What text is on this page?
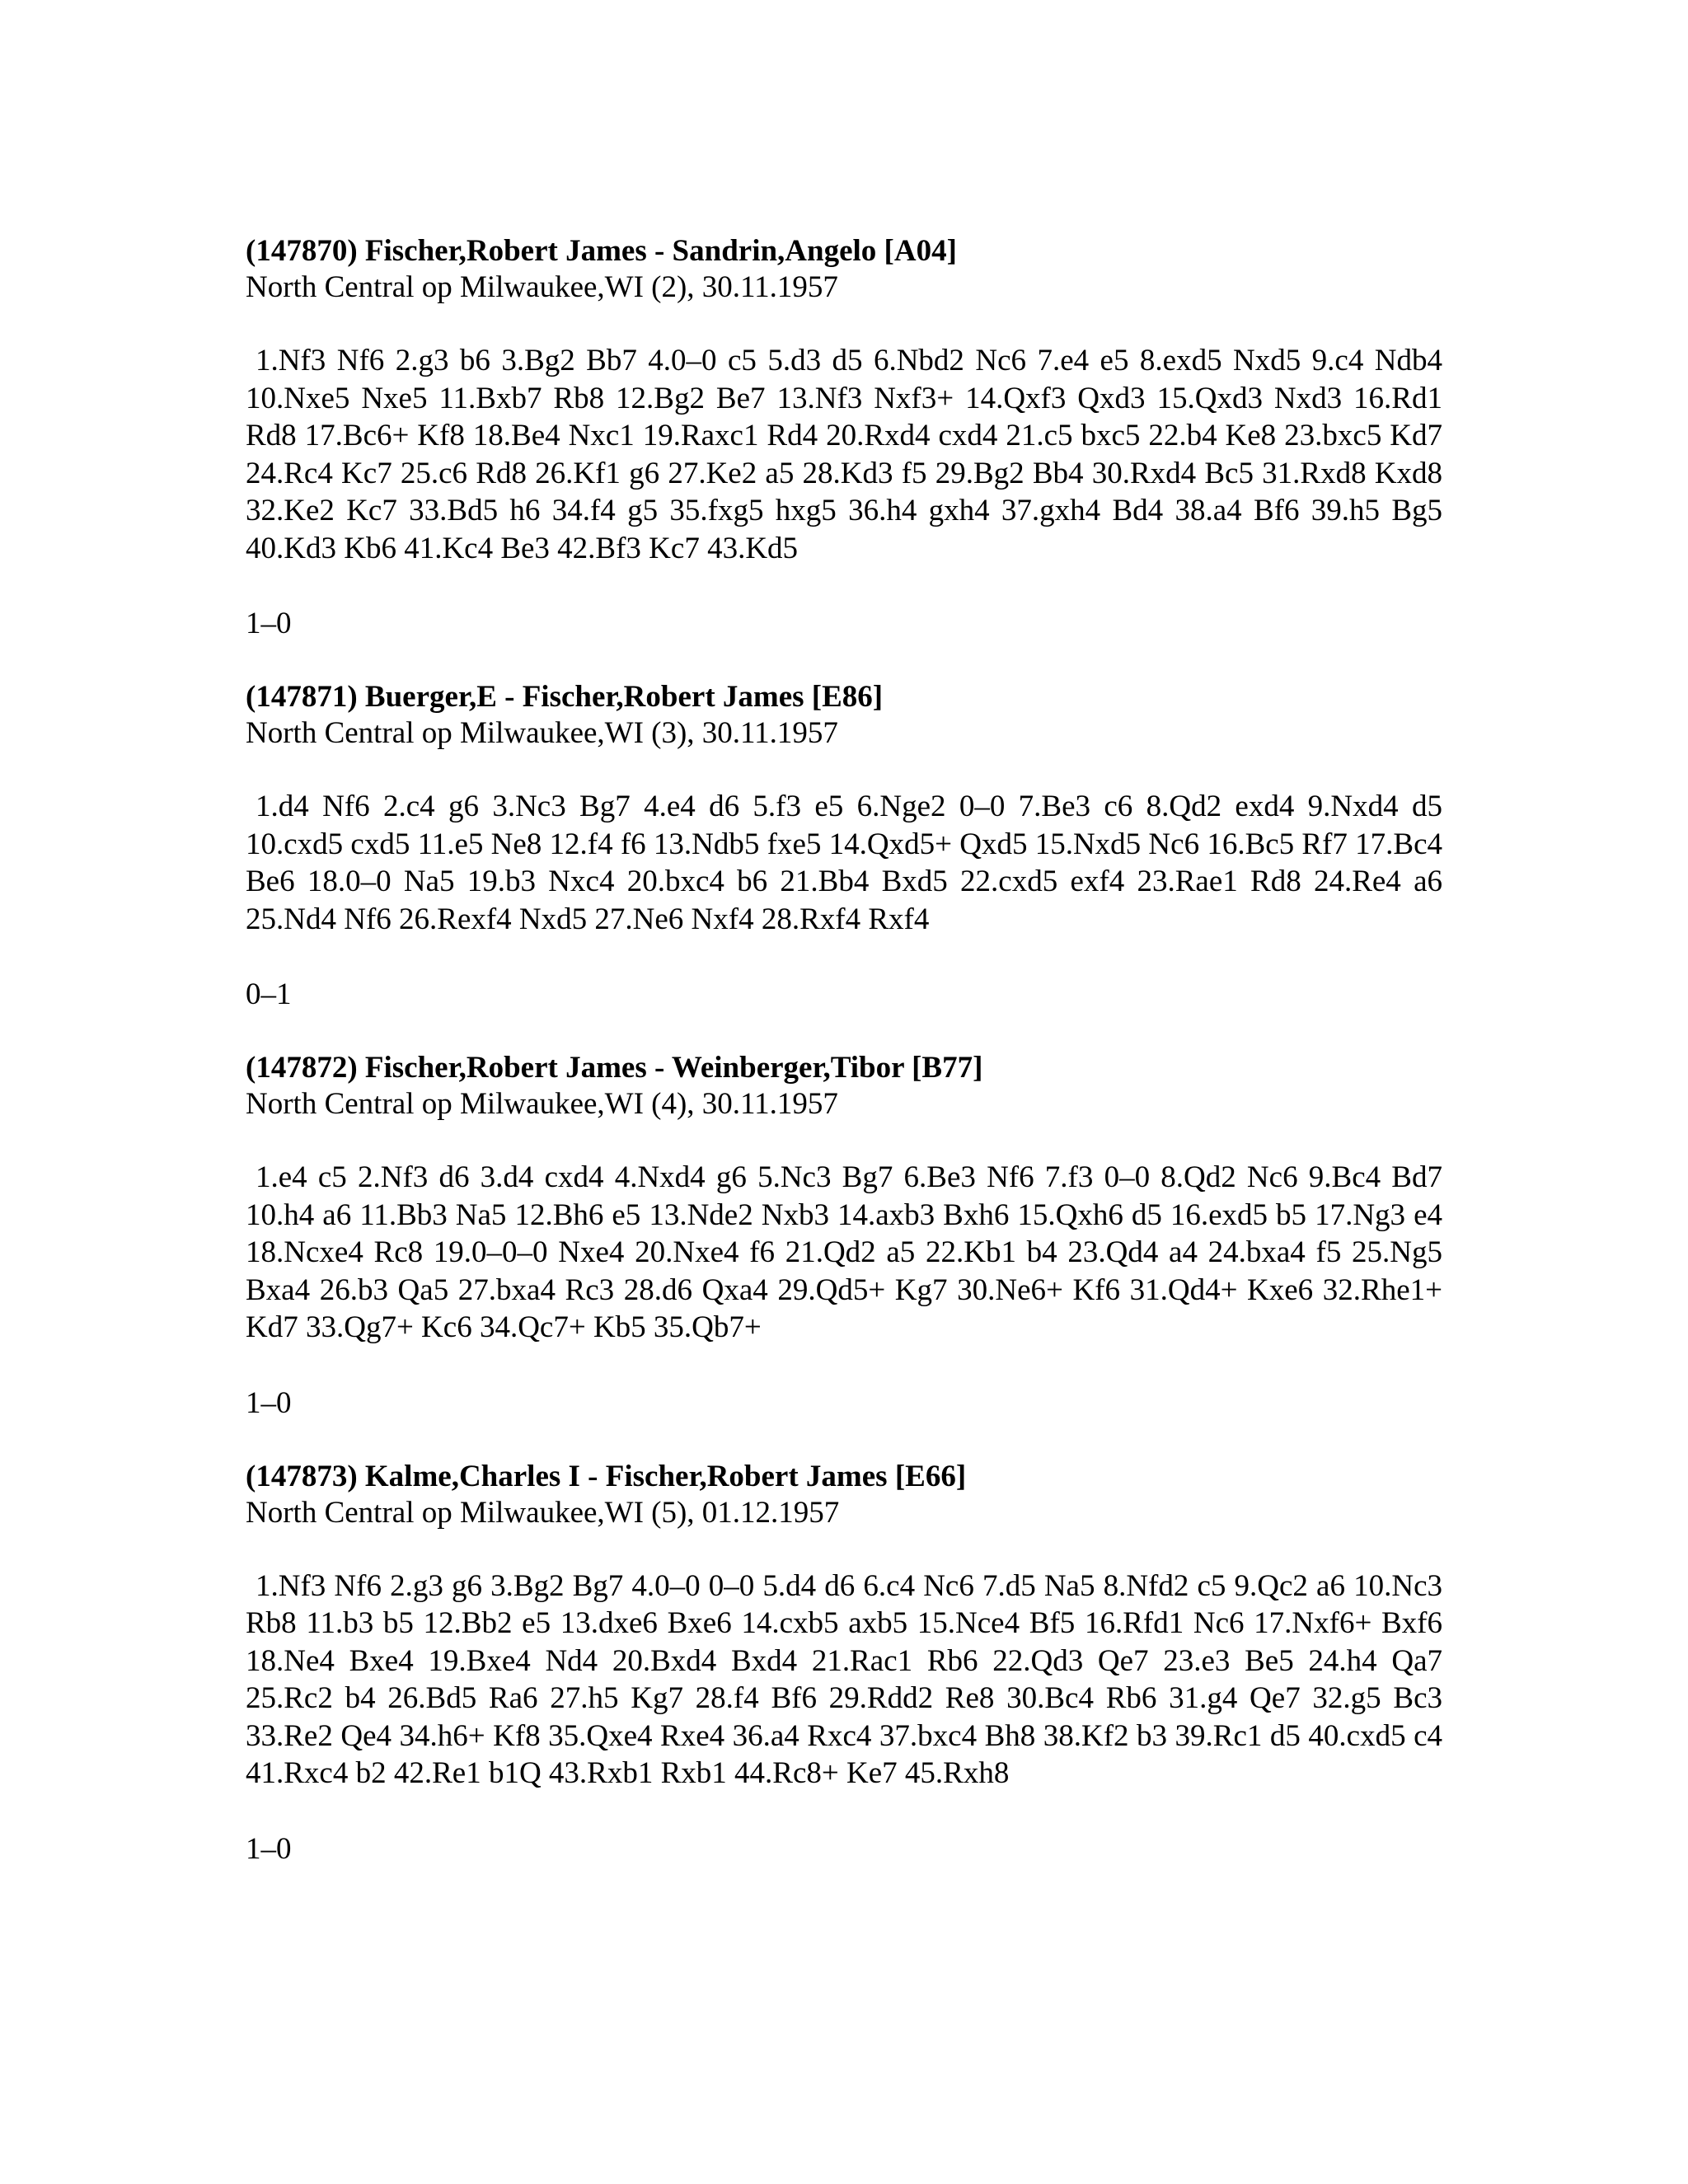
(147870) Fischer,Robert James - Sandrin,Angelo [A04]

North Central op Milwaukee,WI (2), 30.11.1957

1.Nf3 Nf6 2.g3 b6 3.Bg2 Bb7 4.0–0 c5 5.d3 d5 6.Nbd2 Nc6 7.e4 e5 8.exd5 Nxd5 9.c4 Ndb4 10.Nxe5 Nxe5 11.Bxb7 Rb8 12.Bg2 Be7 13.Nf3 Nxf3+ 14.Qxf3 Qxd3 15.Qxd3 Nxd3 16.Rd1 Rd8 17.Bc6+ Kf8 18.Be4 Nxc1 19.Raxc1 Rd4 20.Rxd4 cxd4 21.c5 bxc5 22.b4 Ke8 23.bxc5 Kd7 24.Rc4 Kc7 25.c6 Rd8 26.Kf1 g6 27.Ke2 a5 28.Kd3 f5 29.Bg2 Bb4 30.Rxd4 Bc5 31.Rxd8 Kxd8 32.Ke2 Kc7 33.Bd5 h6 34.f4 g5 35.fxg5 hxg5 36.h4 gxh4 37.gxh4 Bd4 38.a4 Bf6 39.h5 Bg5 40.Kd3 Kb6 41.Kc4 Be3 42.Bf3 Kc7 43.Kd5

1–0

(147871) Buerger,E - Fischer,Robert James [E86]

North Central op Milwaukee,WI (3), 30.11.1957

1.d4 Nf6 2.c4 g6 3.Nc3 Bg7 4.e4 d6 5.f3 e5 6.Nge2 0–0 7.Be3 c6 8.Qd2 exd4 9.Nxd4 d5 10.cxd5 cxd5 11.e5 Ne8 12.f4 f6 13.Ndb5 fxe5 14.Qxd5+ Qxd5 15.Nxd5 Nc6 16.Bc5 Rf7 17.Bc4 Be6 18.0–0 Na5 19.b3 Nxc4 20.bxc4 b6 21.Bb4 Bxd5 22.cxd5 exf4 23.Rae1 Rd8 24.Re4 a6 25.Nd4 Nf6 26.Rexf4 Nxd5 27.Ne6 Nxf4 28.Rxf4 Rxf4

0–1

(147872) Fischer,Robert James - Weinberger,Tibor [B77]

North Central op Milwaukee,WI (4), 30.11.1957

1.e4 c5 2.Nf3 d6 3.d4 cxd4 4.Nxd4 g6 5.Nc3 Bg7 6.Be3 Nf6 7.f3 0–0 8.Qd2 Nc6 9.Bc4 Bd7 10.h4 a6 11.Bb3 Na5 12.Bh6 e5 13.Nde2 Nxb3 14.axb3 Bxh6 15.Qxh6 d5 16.exd5 b5 17.Ng3 e4 18.Ncxe4 Rc8 19.0–0–0 Nxe4 20.Nxe4 f6 21.Qd2 a5 22.Kb1 b4 23.Qd4 a4 24.bxa4 f5 25.Ng5 Bxa4 26.b3 Qa5 27.bxa4 Rc3 28.d6 Qxa4 29.Qd5+ Kg7 30.Ne6+ Kf6 31.Qd4+ Kxe6 32.Rhe1+ Kd7 33.Qg7+ Kc6 34.Qc7+ Kb5 35.Qb7+

1–0

(147873) Kalme,Charles I - Fischer,Robert James [E66]

North Central op Milwaukee,WI (5), 01.12.1957

1.Nf3 Nf6 2.g3 g6 3.Bg2 Bg7 4.0–0 0–0 5.d4 d6 6.c4 Nc6 7.d5 Na5 8.Nfd2 c5 9.Qc2 a6 10.Nc3 Rb8 11.b3 b5 12.Bb2 e5 13.dxe6 Bxe6 14.cxb5 axb5 15.Nce4 Bf5 16.Rfd1 Nc6 17.Nxf6+ Bxf6 18.Ne4 Bxe4 19.Bxe4 Nd4 20.Bxd4 Bxd4 21.Rac1 Rb6 22.Qd3 Qe7 23.e3 Be5 24.h4 Qa7 25.Rc2 b4 26.Bd5 Ra6 27.h5 Kg7 28.f4 Bf6 29.Rdd2 Re8 30.Bc4 Rb6 31.g4 Qe7 32.g5 Bc3 33.Re2 Qe4 34.h6+ Kf8 35.Qxe4 Rxe4 36.a4 Rxc4 37.bxc4 Bh8 38.Kf2 b3 39.Rc1 d5 40.cxd5 c4 41.Rxc4 b2 42.Re1 b1Q 43.Rxb1 Rxb1 44.Rc8+ Ke7 45.Rxh8

1–0
